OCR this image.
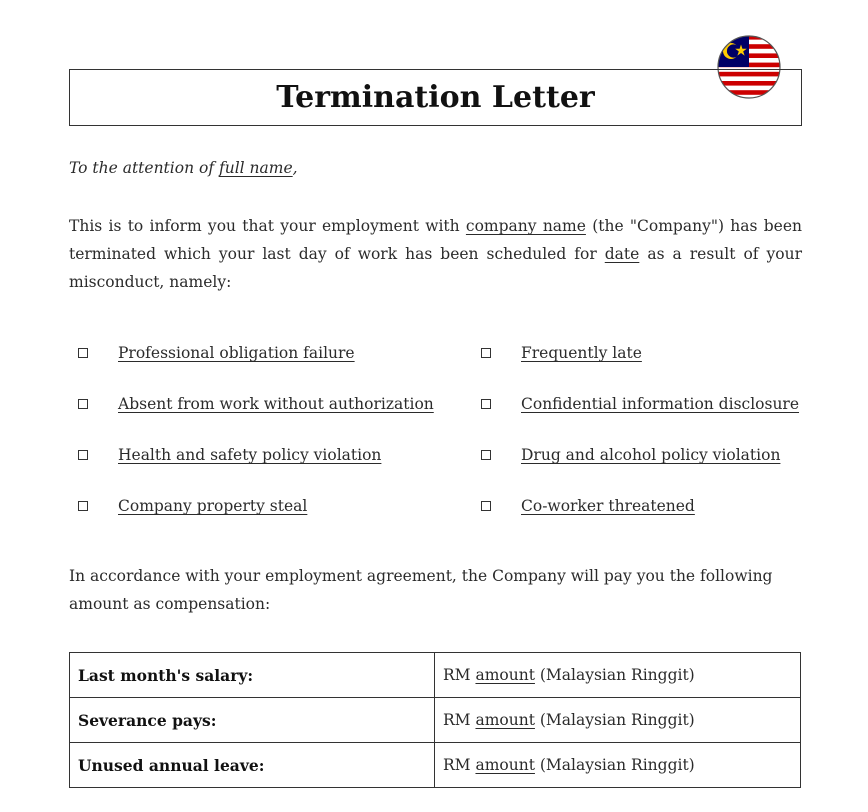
Termination Letter

To the attention of full name,

This is to inform you that your employment with company name (the "Company") has been terminated which your last day of work has been scheduled for date as a result of your misconduct, namely:

Professional obligation failure
Absent from work without authorization
Health and safety policy violation
Company property steal
Frequently late
Confidential information disclosure
Drug and alcohol policy violation
Co-worker threatened

In accordance with your employment agreement, the Company will pay you the following amount as compensation:

Last month's salary:	RM amount (Malaysian Ringgit)
Severance pays:	RM amount (Malaysian Ringgit)
Unused annual leave:	RM amount (Malaysian Ringgit)
